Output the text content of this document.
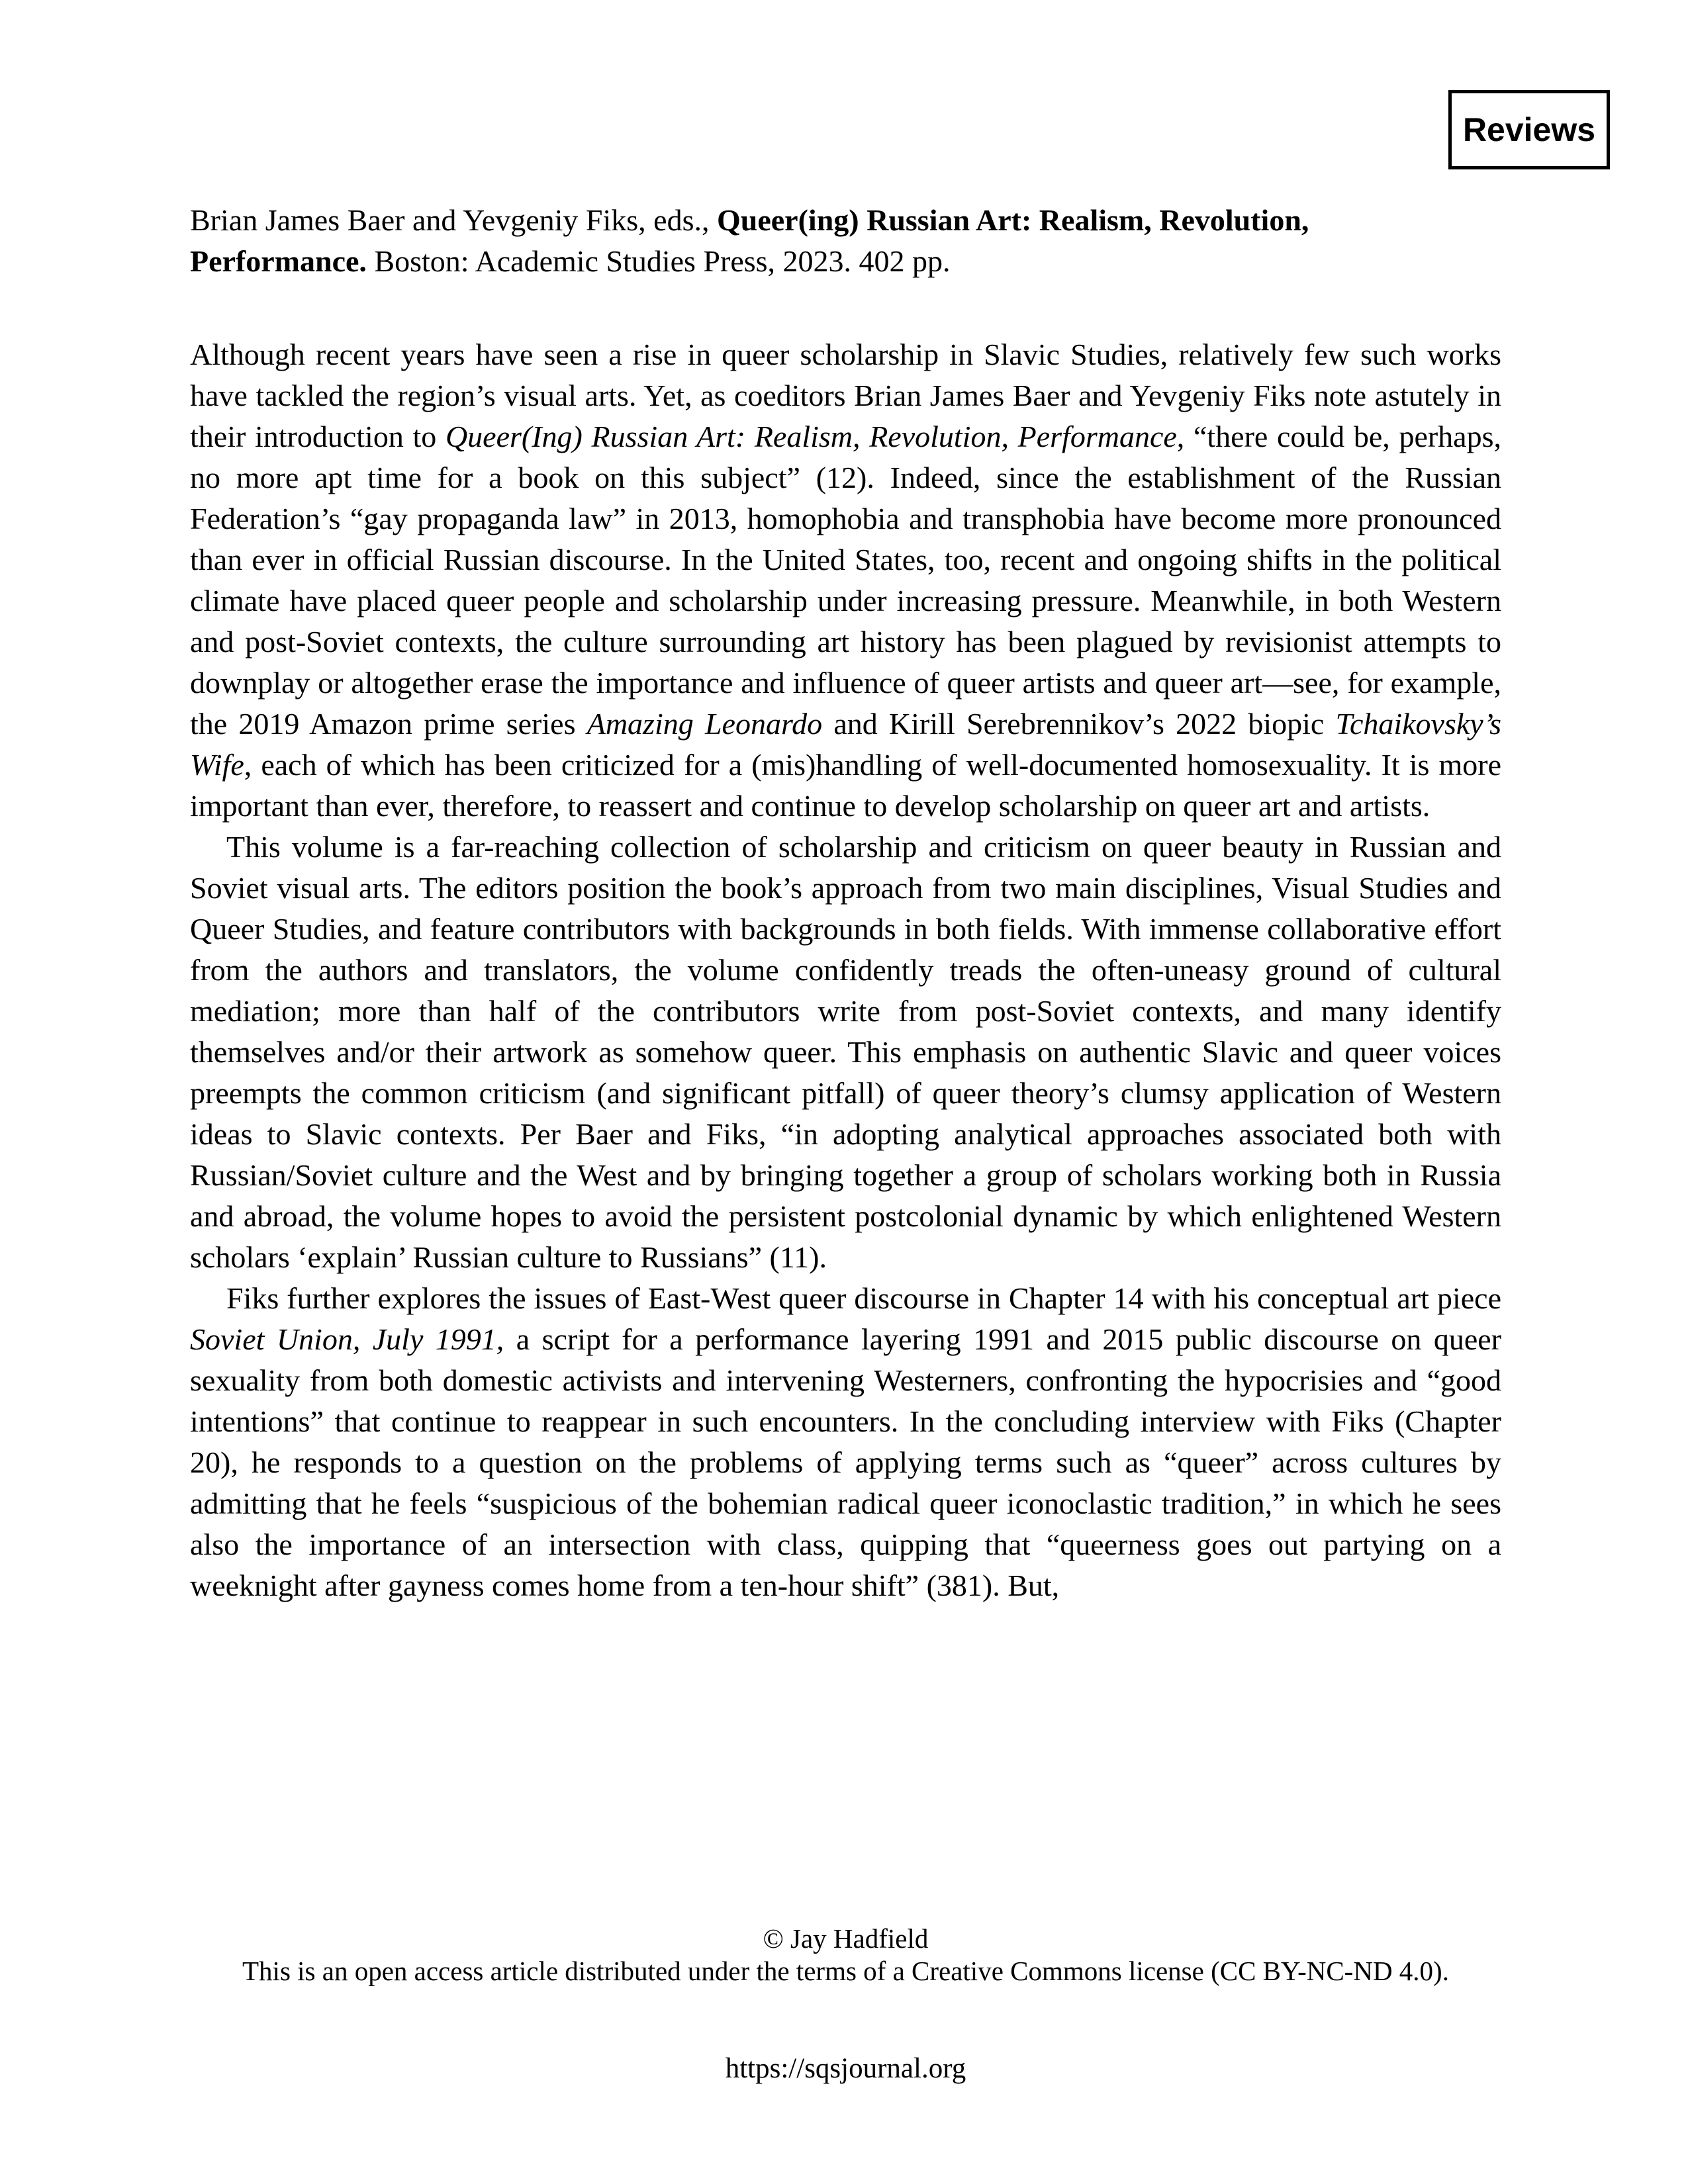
Reviews

Brian James Baer and Yevgeniy Fiks, eds., Queer(ing) Russian Art: Realism, Revolution, Performance. Boston: Academic Studies Press, 2023. 402 pp.

Although recent years have seen a rise in queer scholarship in Slavic Studies, relatively few such works have tackled the region’s visual arts. Yet, as coeditors Brian James Baer and Yevgeniy Fiks note astutely in their introduction to Queer(Ing) Russian Art: Realism, Revolution, Performance, “there could be, perhaps, no more apt time for a book on this subject” (12). Indeed, since the establishment of the Russian Federation’s “gay propaganda law” in 2013, homophobia and transphobia have become more pronounced than ever in official Russian discourse. In the United States, too, recent and ongoing shifts in the political climate have placed queer people and scholarship under increasing pressure. Meanwhile, in both Western and post-Soviet contexts, the culture surrounding art history has been plagued by revisionist attempts to downplay or altogether erase the importance and influence of queer artists and queer art—see, for example, the 2019 Amazon prime series Amazing Leonardo and Kirill Serebrennikov’s 2022 biopic Tchaikovsky’s Wife, each of which has been criticized for a (mis)handling of well-documented homosexuality. It is more important than ever, therefore, to reassert and continue to develop scholarship on queer art and artists.

This volume is a far-reaching collection of scholarship and criticism on queer beauty in Russian and Soviet visual arts. The editors position the book’s approach from two main disciplines, Visual Studies and Queer Studies, and feature contributors with backgrounds in both fields. With immense collaborative effort from the authors and translators, the volume confidently treads the often-uneasy ground of cultural mediation; more than half of the contributors write from post-Soviet contexts, and many identify themselves and/or their artwork as somehow queer. This emphasis on authentic Slavic and queer voices preempts the common criticism (and significant pitfall) of queer theory’s clumsy application of Western ideas to Slavic contexts. Per Baer and Fiks, “in adopting analytical approaches associated both with Russian/Soviet culture and the West and by bringing together a group of scholars working both in Russia and abroad, the volume hopes to avoid the persistent postcolonial dynamic by which enlightened Western scholars ‘explain’ Russian culture to Russians” (11).

Fiks further explores the issues of East-West queer discourse in Chapter 14 with his conceptual art piece Soviet Union, July 1991, a script for a performance layering 1991 and 2015 public discourse on queer sexuality from both domestic activists and intervening Westerners, confronting the hypocrisies and “good intentions” that continue to reappear in such encounters. In the concluding interview with Fiks (Chapter 20), he responds to a question on the problems of applying terms such as “queer” across cultures by admitting that he feels “suspicious of the bohemian radical queer iconoclastic tradition,” in which he sees also the importance of an intersection with class, quipping that “queerness goes out partying on a weeknight after gayness comes home from a ten-hour shift” (381). But,

© Jay Hadfield
This is an open access article distributed under the terms of a Creative Commons license (CC BY-NC-ND 4.0).
https://sqsjournal.org
